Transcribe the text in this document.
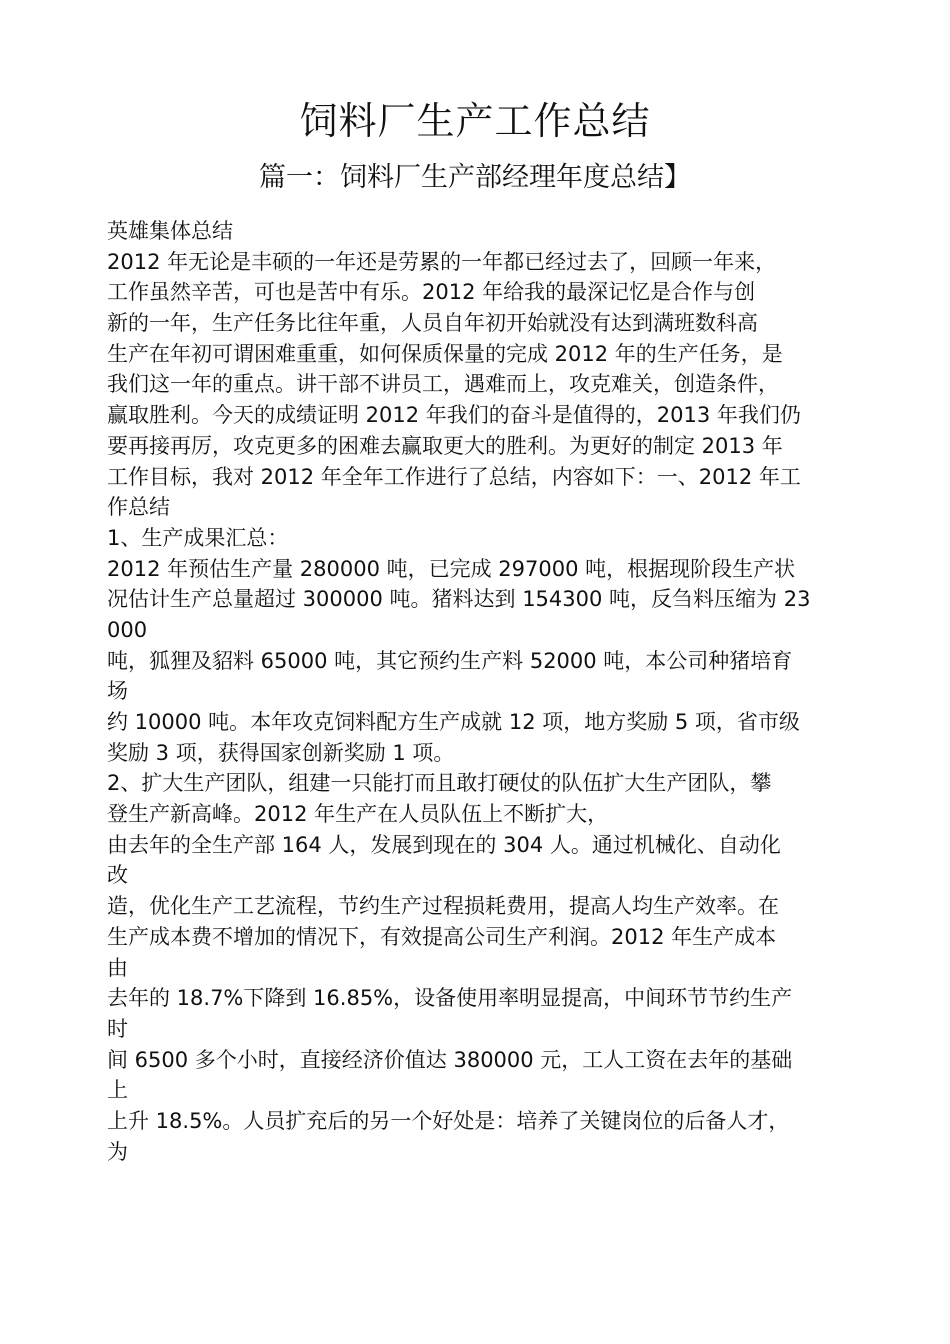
饲料厂生产工作总结
篇一：饲料厂生产部经理年度总结】
英雄集体总结
2012 年无论是丰硕的一年还是劳累的一年都已经过去了，回顾一年来，
工作虽然辛苦，可也是苦中有乐。2012 年给我的最深记忆是合作与创
新的一年，生产任务比往年重，人员自年初开始就没有达到满班数科高
生产在年初可谓困难重重，如何保质保量的完成 2012 年的生产任务，是
我们这一年的重点。讲干部不讲员工，遇难而上，攻克难关，创造条件，
赢取胜利。今天的成绩证明 2012 年我们的奋斗是值得的，2013 年我们仍
要再接再厉，攻克更多的困难去赢取更大的胜利。为更好的制定 2013 年
工作目标，我对 2012 年全年工作进行了总结，内容如下：一、2012 年工
作总结
1、生产成果汇总：
2012 年预估生产量 280000 吨，已完成 297000 吨，根据现阶段生产状
况估计生产总量超过 300000 吨。猪料达到 154300 吨，反刍料压缩为 23
000
吨，狐狸及貂料 65000 吨，其它预约生产料 52000 吨，本公司种猪培育
场
约 10000 吨。本年攻克饲料配方生产成就 12 项，地方奖励 5 项，省市级
奖励 3 项，获得国家创新奖励 1 项。
2、扩大生产团队，组建一只能打而且敢打硬仗的队伍扩大生产团队，攀
登生产新高峰。2012 年生产在人员队伍上不断扩大，
由去年的全生产部 164 人，发展到现在的 304 人。通过机械化、自动化
改
造，优化生产工艺流程，节约生产过程损耗费用，提高人均生产效率。在
生产成本费不增加的情况下，有效提高公司生产利润。2012 年生产成本
由
去年的 18.7%下降到 16.85%，设备使用率明显提高，中间环节节约生产
时
间 6500 多个小时，直接经济价值达 380000 元，工人工资在去年的基础
上
上升 18.5%。人员扩充后的另一个好处是：培养了关键岗位的后备人才，
为
